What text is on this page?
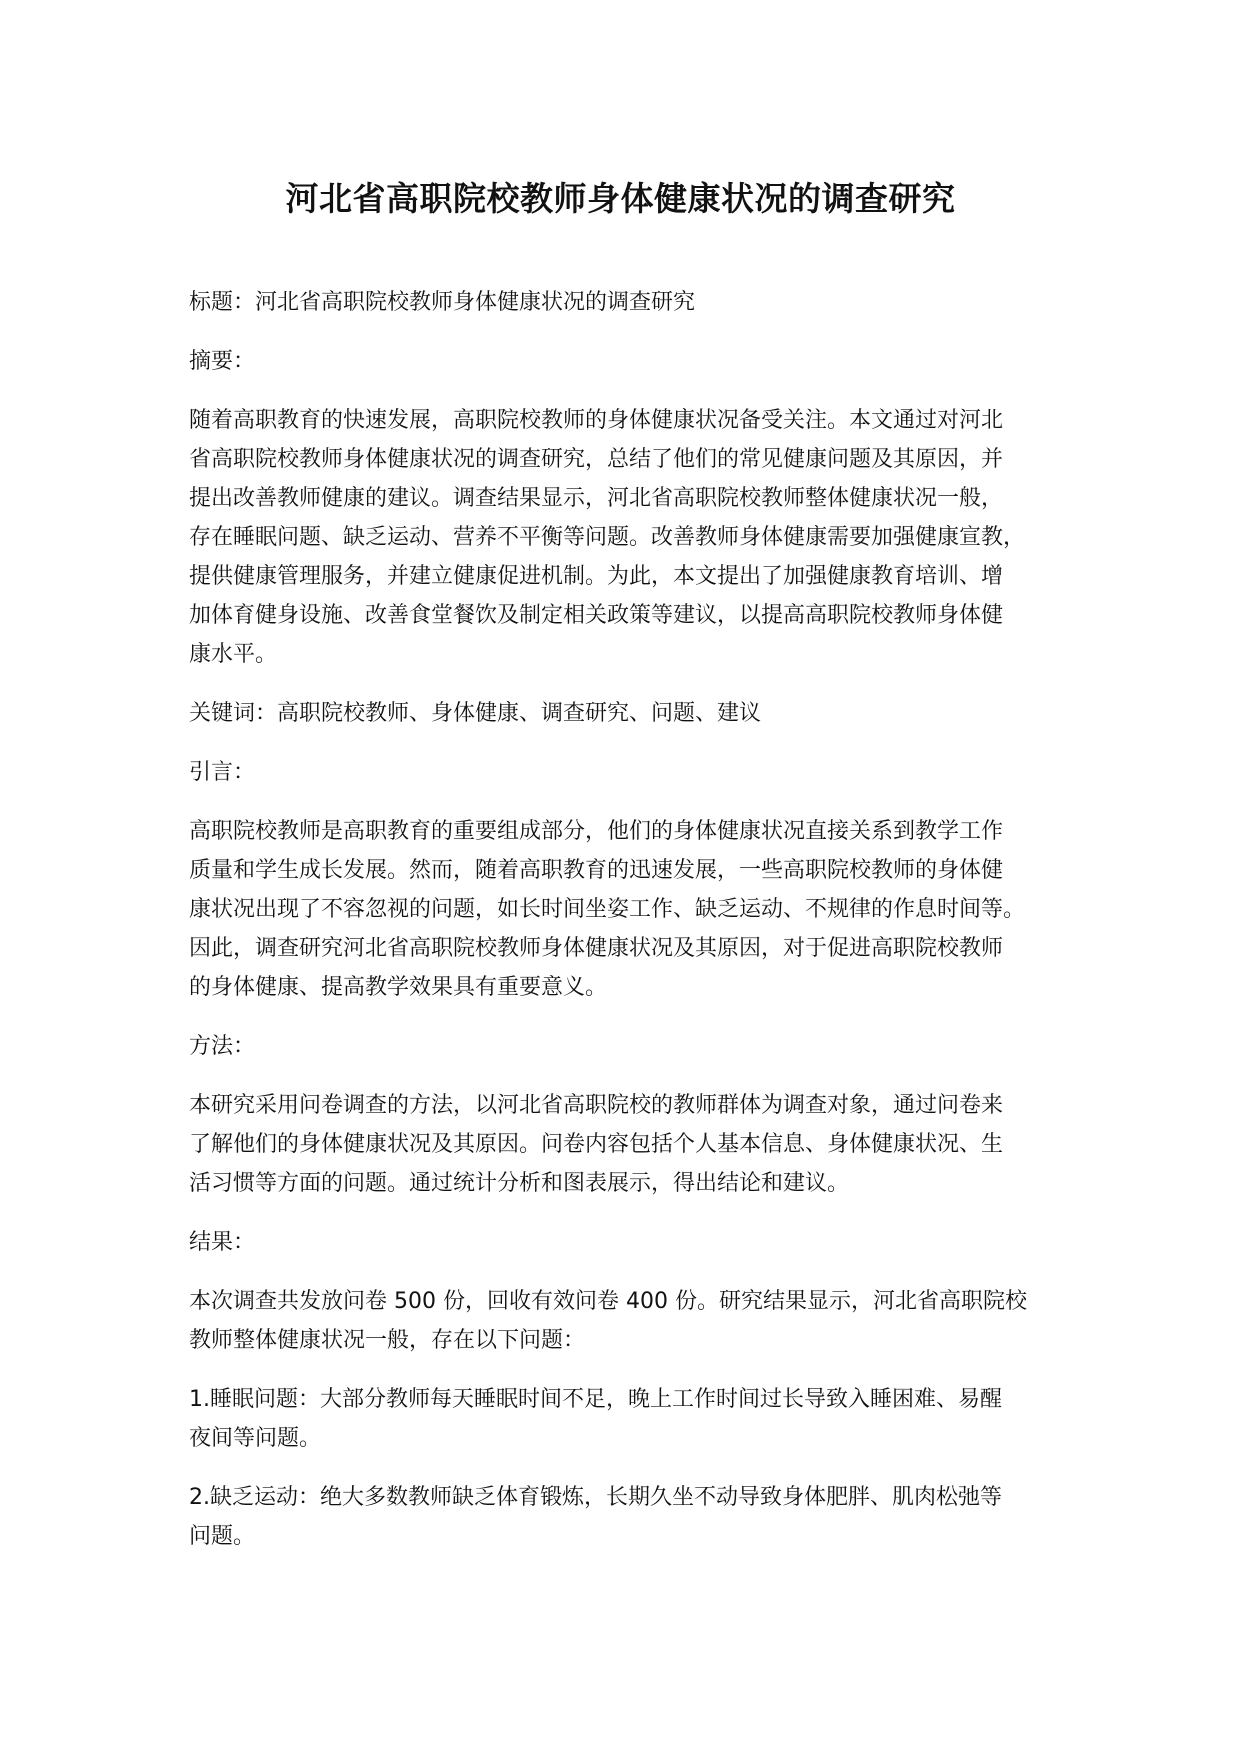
河北省高职院校教师身体健康状况的调查研究

标题：河北省高职院校教师身体健康状况的调查研究

摘要：

随着高职教育的快速发展，高职院校教师的身体健康状况备受关注。本文通过对河北
省高职院校教师身体健康状况的调查研究，总结了他们的常见健康问题及其原因，并
提出改善教师健康的建议。调查结果显示，河北省高职院校教师整体健康状况一般，
存在睡眠问题、缺乏运动、营养不平衡等问题。改善教师身体健康需要加强健康宣教，
提供健康管理服务，并建立健康促进机制。为此，本文提出了加强健康教育培训、增
加体育健身设施、改善食堂餐饮及制定相关政策等建议，以提高高职院校教师身体健
康水平。

关键词：高职院校教师、身体健康、调查研究、问题、建议

引言：

高职院校教师是高职教育的重要组成部分，他们的身体健康状况直接关系到教学工作
质量和学生成长发展。然而，随着高职教育的迅速发展，一些高职院校教师的身体健
康状况出现了不容忽视的问题，如长时间坐姿工作、缺乏运动、不规律的作息时间等。
因此，调查研究河北省高职院校教师身体健康状况及其原因，对于促进高职院校教师
的身体健康、提高教学效果具有重要意义。

方法：

本研究采用问卷调查的方法，以河北省高职院校的教师群体为调查对象，通过问卷来
了解他们的身体健康状况及其原因。问卷内容包括个人基本信息、身体健康状况、生
活习惯等方面的问题。通过统计分析和图表展示，得出结论和建议。

结果：

本次调查共发放问卷 500 份，回收有效问卷 400 份。研究结果显示，河北省高职院校
教师整体健康状况一般，存在以下问题：

1.睡眠问题：大部分教师每天睡眠时间不足，晚上工作时间过长导致入睡困难、易醒
夜间等问题。

2.缺乏运动：绝大多数教师缺乏体育锻炼，长期久坐不动导致身体肥胖、肌肉松弛等
问题。
